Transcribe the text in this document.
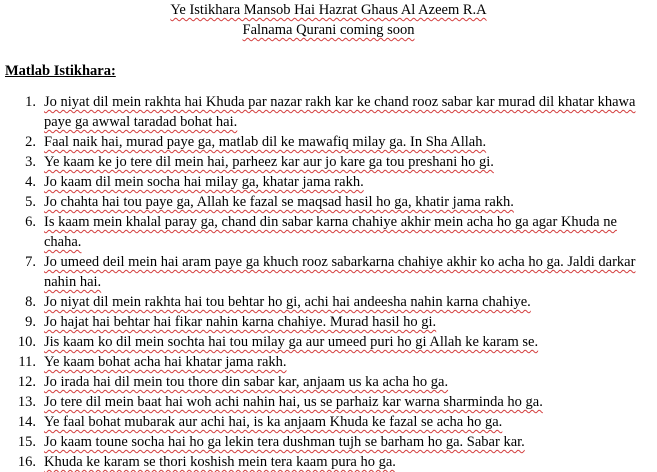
Ye Istikhara Mansob Hai Hazrat Ghaus Al Azeem R.A
Falnama Qurani coming soon
Matlab Istikhara:
1. Jo niyat dil mein rakhta hai Khuda par nazar rakh kar ke chand rooz sabar kar murad dil khatar khawa paye ga awwal taradad bohat hai.
2. Faal naik hai, murad paye ga, matlab dil ke mawafiq milay ga. In Sha Allah.
3. Ye kaam ke jo tere dil mein hai, parheez kar aur jo kare ga tou preshani ho gi.
4. Jo kaam dil mein socha hai milay ga, khatar jama rakh.
5. Jo chahta hai tou paye ga, Allah ke fazal se maqsad hasil ho ga, khatir jama rakh.
6. Is kaam mein khalal paray ga, chand din sabar karna chahiye akhir mein acha ho ga agar Khuda ne chaha.
7. Jo umeed deil mein hai aram paye ga khuch rooz sabarkarna chahiye akhir ko acha ho ga. Jaldi darkar nahin hai.
8. Jo niyat dil mein rakhta hai tou behtar ho gi, achi hai andeesha nahin karna chahiye.
9. Jo hajat hai behtar hai fikar nahin karna chahiye. Murad hasil ho gi.
10. Jis kaam ko dil mein sochta hai tou milay ga aur umeed puri ho gi Allah ke karam se.
11. Ye kaam bohat acha hai khatar jama rakh.
12. Jo irada hai dil mein tou thore din sabar kar, anjaam us ka acha ho ga.
13. Jo tere dil mein baat hai woh achi nahin hai, us se parhaiz kar warna sharminda ho ga.
14. Ye faal bohat mubarak aur achi hai, is ka anjaam Khuda ke fazal se acha ho ga.
15. Jo kaam toune socha hai ho ga lekin tera dushman tujh se barham ho ga. Sabar kar.
16. Khuda ke karam se thori koshish mein tera kaam pura ho ga.
